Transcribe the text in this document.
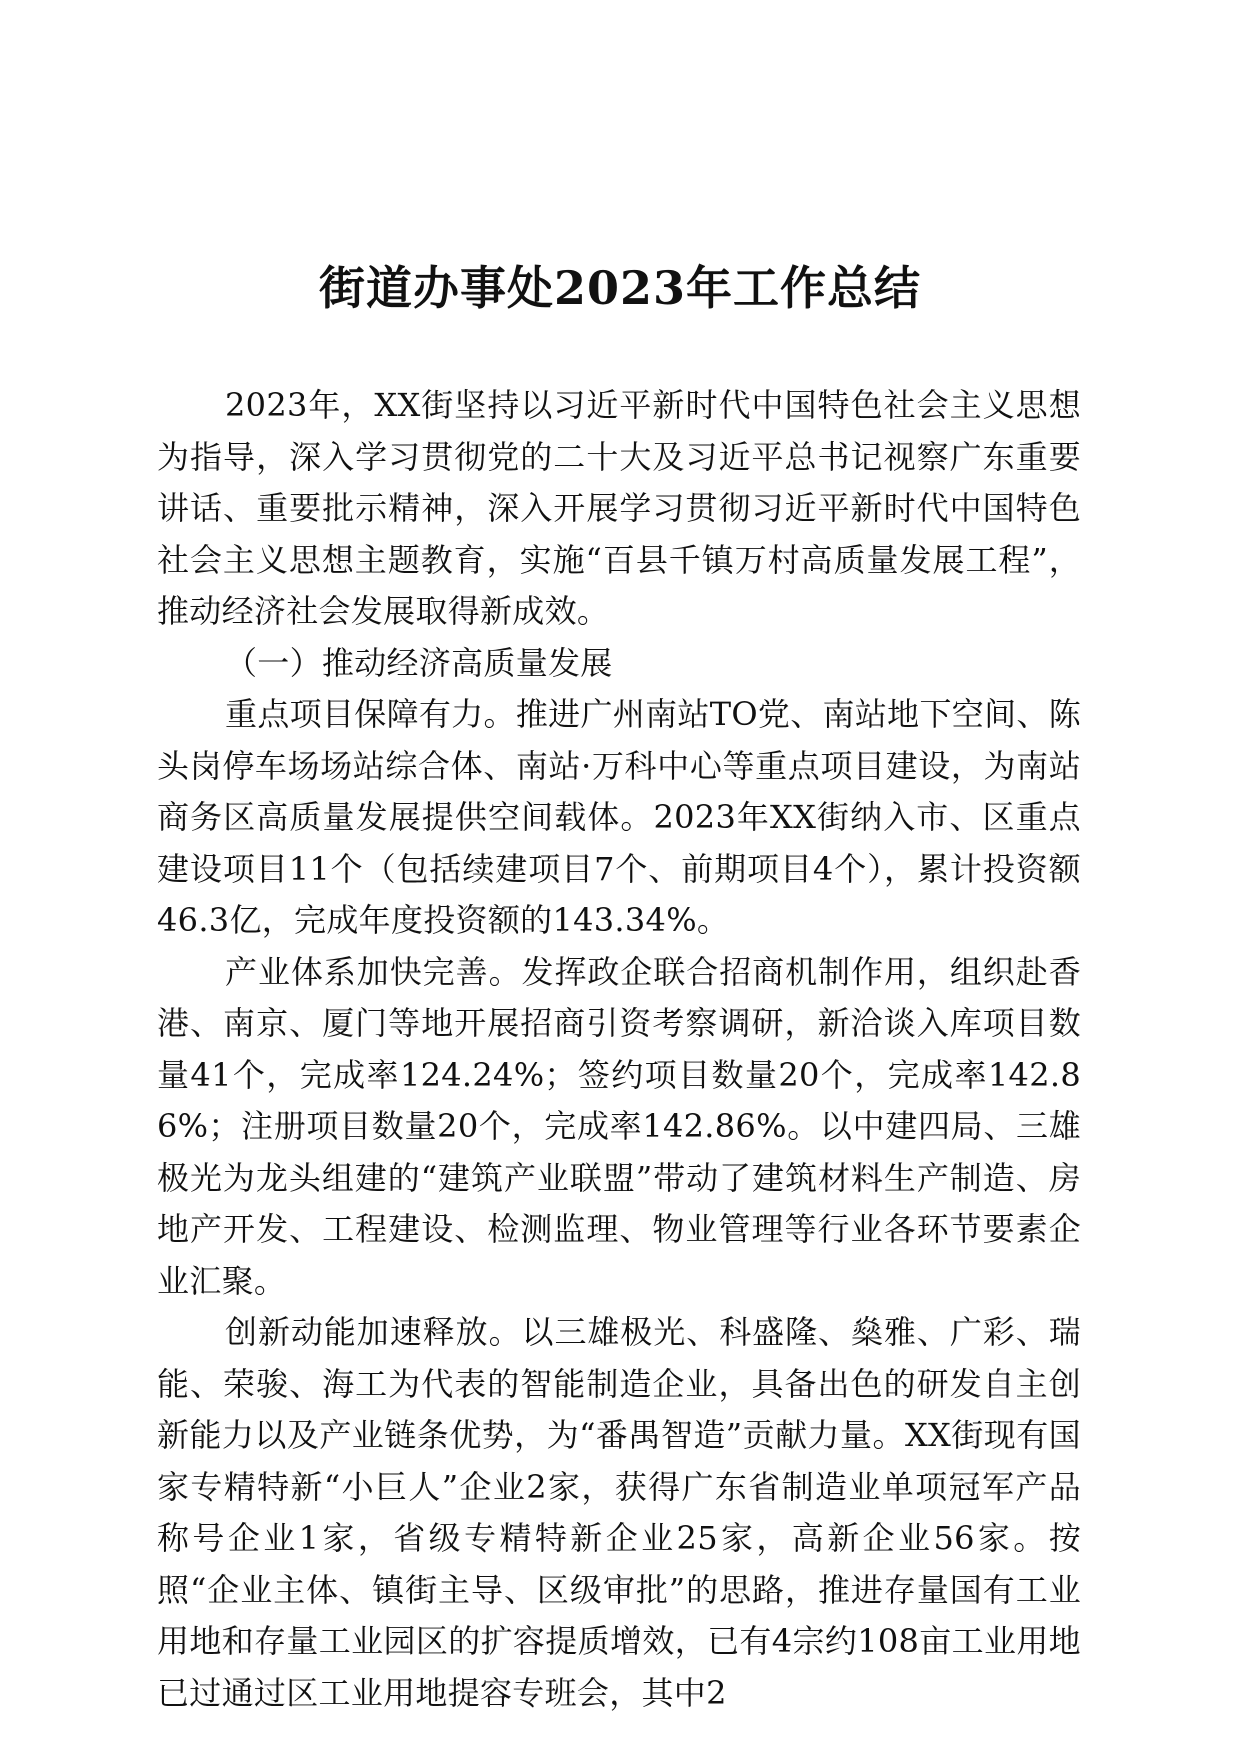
街道办事处2023年工作总结

2023年，XX街坚持以习近平新时代中国特色社会主义思想为指导，深入学习贯彻党的二十大及习近平总书记视察广东重要讲话、重要批示精神，深入开展学习贯彻习近平新时代中国特色社会主义思想主题教育，实施“百县千镇万村高质量发展工程”，推动经济社会发展取得新成效。

（一）推动经济高质量发展

重点项目保障有力。推进广州南站TO党、南站地下空间、陈头岗停车场场站综合体、南站·万科中心等重点项目建设，为南站商务区高质量发展提供空间载体。2023年XX街纳入市、区重点建设项目11个（包括续建项目7个、前期项目4个），累计投资额46.3亿，完成年度投资额的143.34%。

产业体系加快完善。发挥政企联合招商机制作用，组织赴香港、南京、厦门等地开展招商引资考察调研，新洽谈入库项目数量41个，完成率124.24%；签约项目数量20个，完成率142.86%；注册项目数量20个，完成率142.86%。以中建四局、三雄极光为龙头组建的“建筑产业联盟”带动了建筑材料生产制造、房地产开发、工程建设、检测监理、物业管理等行业各环节要素企业汇聚。

创新动能加速释放。以三雄极光、科盛隆、燊雅、广彩、瑞能、荣骏、海工为代表的智能制造企业，具备出色的研发自主创新能力以及产业链条优势，为“番禺智造”贡献力量。XX街现有国家专精特新“小巨人”企业2家，获得广东省制造业单项冠军产品称号企业1家，省级专精特新企业25家，高新企业56家。按照“企业主体、镇街主导、区级审批”的思路，推进存量国有工业用地和存量工业园区的扩容提质增效，已有4宗约108亩工业用地已过通过区工业用地提容专班会，其中2
